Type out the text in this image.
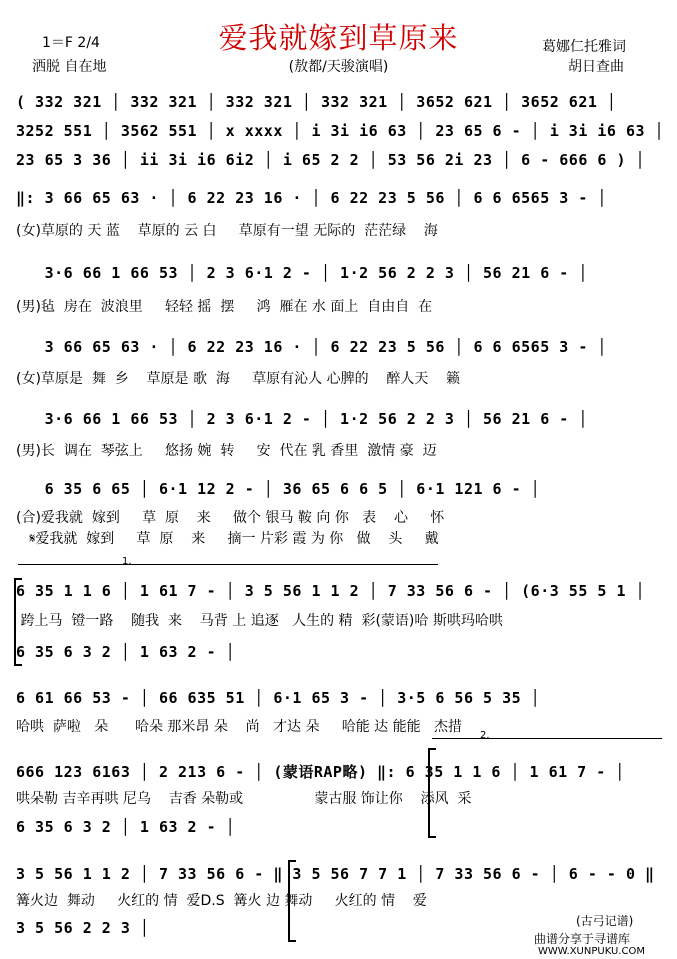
1＝F 2/4	爱我就嫁到草原来
洒脱 自在地	(敖都/天骏演唱)
葛娜仁托雅词
胡日查曲
( 332 321 │ 332 321 │ 332 321 │ 332 321 │ 3652 621 │ 3652 621 │
3252 551 │ 3562 551 │ x xxxx │ i 3i i6 63 │ 23 65 6 - │ i 3i i6 63 │
23 65 3 36 │ ii 3i i6 6i2 │ i 65 2 2 │ 53 56 2i 23 │ 6 - 666 6 ) │
‖: 3 66 65 63 · │ 6 22 23 16 · │ 6 22 23 5 56 │ 6 6 6565 3 - │
(女)草原的 天 蓝    草原的 云 白     草原有一望 无际的  茫茫绿    海
3·6 66 1 66 53 │ 2 3 6·1 2 - │ 1·2 56 2 2 3 │ 56 21 6 - │
(男)毡  房在  波浪里     轻轻 摇  摆     鸿  雁在 水 面上  自由自  在
3 66 65 63 · │ 6 22 23 16 · │ 6 22 23 5 56 │ 6 6 6565 3 - │
(女)草原是  舞  乡    草原是 歌  海     草原有沁人 心脾的    醉人天    籁
3·6 66 1 66 53 │ 2 3 6·1 2 - │ 1·2 56 2 2 3 │ 56 21 6 - │
(男)长  调在  琴弦上     悠扬 婉  转     安  代在 乳 香里  激情 豪  迈
6 35 6 65 │ 6·1 12 2 - │ 36 65 6 6 5 │ 6·1 121 6 - │
(合)爱我就  嫁到     草  原    来     做个 银马 鞍 向 你   表    心     怀
𝄋爱我就  嫁到     草  原    来     摘一 片彩 霞 为 你   做    头     戴
6 35 1 1 6 │ 1 61 7 - │ 3 5 56 1 1 2 │ 7 33 56 6 - │ (6·3 55 5 1 │
跨上马  镫一路    随我  来    马背 上 追逐   人生的 精  彩(蒙语)哈 斯哄玛哈哄
6 35 6 3 2 │ 1 63 2 - │
6 61 66 53 - │ 66 635 51 │ 6·1 65 3 - │ 3·5 6 56 5 35 │
哈哄  萨啦   朵      哈朵 那米昂 朵    尚   才达 朵     哈能 达 能能   杰措
666 123 6163 │ 2 213 6 - │ (蒙语RAP略) ‖: 6 35 1 1 6 │ 1 61 7 - │
哄朵勒 吉辛再哄 尼乌    吉香 朵勒或                蒙古服 饰让你    添风  采
6 35 6 3 2 │ 1 63 2 - │
3 5 56 1 1 2 │ 7 33 56 6 - ‖ 3 5 56 7 7 1 │ 7 33 56 6 - │ 6 - - 0 ‖
篝火边  舞动     火红的 情  爱D.S  篝火 边 舞动     火红的 情    爱
3 5 56 2 2 3 │
1.
2.
(古弓记谱)
曲谱分享于寻谱库
WWW.XUNPUKU.COM
